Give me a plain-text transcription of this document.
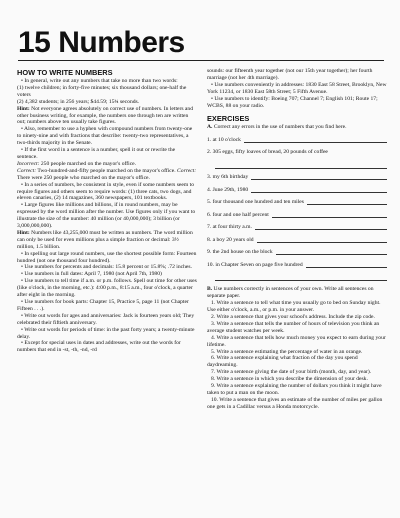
15 Numbers
HOW TO WRITE NUMBERS

• In general, write out any numbers that take no more than two words:

(1) twelve children; in forty-five minutes; six thousand dollars; one-half the voters

(2) 4,382 students; in 256 years; $44.59; 15¾ seconds.

Hint: Not everyone agrees absolutely on correct use of numbers. In letters and other business writing, for example, the numbers one through ten are written out; numbers above ten usually take figures.

• Also, remember to use a hyphen with compound numbers from twenty-one to ninety-nine and with fractions that describe: twenty-two representatives, a two-thirds majority in the Senate.

• If the first word in a sentence is a number, spell it out or rewrite the sentence.

Incorrect: 250 people marched on the mayor's office.

Correct: Two-hundred-and-fifty people marched on the mayor's office. Correct: There were 250 people who marched on the mayor's office.

• In a series of numbers, be consistent in style, even if some numbers seem to require figures and others seem to require words: (1) three cats, two dogs, and eleven canaries, (2) 14 magazines, 360 newspapers, 101 textbooks.

• Large figures like millions and billions, if in round numbers, may be expressed by the word million after the number. Use figures only if you want to illustrate the size of the number: 40 million (or 40,000,000); 3 billion (or 3,000,000,000).

Hint: Numbers like 43,255,000 must be written as numbers. The word million can only be used for even millions plus a simple fraction or decimal: 3½ million, 1.5 billion.

• In spelling out large round numbers, use the shortest possible form: Fourteen hundred (not one thousand four hundred).

• Use numbers for percents and decimals: 15.8 percent or 15.8%; .72 inches.

• Use numbers in full dates: April 7, 1980 (not April 7th, 1980)

• Use numbers to tell time if a.m. or p.m. follows. Spell out time for other uses (like o'clock, in the morning, etc.): 4:00 p.m., 8:15 a.m., four o'clock, a quarter after eight in the morning.

• Use numbers for book parts: Chapter 15, Practice 5, page 11 (not Chapter Fifteen . . .).

• Write out words for ages and anniversaries: Jack is fourteen years old; They celebrated their fiftieth anniversary.

• Write out words for periods of time: in the past forty years; a twenty-minute delay.

• Except for special uses in dates and addresses, write out the words for numbers that end in -st, -th, -nd, -rd

sounds: our fifteenth year together (not our 15th year together); her fourth marriage (not her 4th marriage).

• Use numbers conveniently in addresses: 1830 East 58 Street, Brooklyn, New York 11234, or 1830 East 58th Street; 5 Fifth Avenue.

• Use numbers to identify: Boeing 707; Channel 7; English 101; Route 17; WCBS, 88 on your radio.

EXERCISES

A. Correct any errors in the use of numbers that you find here.

1. at 10 o'clock
2. 305 eggs, fifty loaves of bread, 20 pounds of coffee
3. my 6th birthday
4. June 29th, 1980
5. four thousand one hundred and ten miles
6. four and one half percent
7. at four thirty a.m.
8. a boy 20 years old
9. the 2nd house on the block
10. in Chapter Seven on page five hundred

B. Use numbers correctly in sentences of your own. Write all sentences on separate paper.

1. Write a sentence to tell what time you usually go to bed on Sunday night. Use either o'clock, a.m., or p.m. in your answer.

2. Write a sentence that gives your school's address. Include the zip code.

3. Write a sentence that tells the number of hours of television you think an average student watches per week.

4. Write a sentence that tells how much money you expect to earn during your lifetime.

5. Write a sentence estimating the percentage of water in an orange.

6. Write a sentence explaining what fraction of the day you spend daydreaming.

7. Write a sentence giving the date of your birth (month, day, and year).

8. Write a sentence in which you describe the dimension of your desk.

9. Write a sentence explaining the number of dollars you think it might have taken to put a man on the moon.

10. Write a sentence that gives an estimate of the number of miles per gallon one gets in a Cadillac versus a Honda motorcycle.
